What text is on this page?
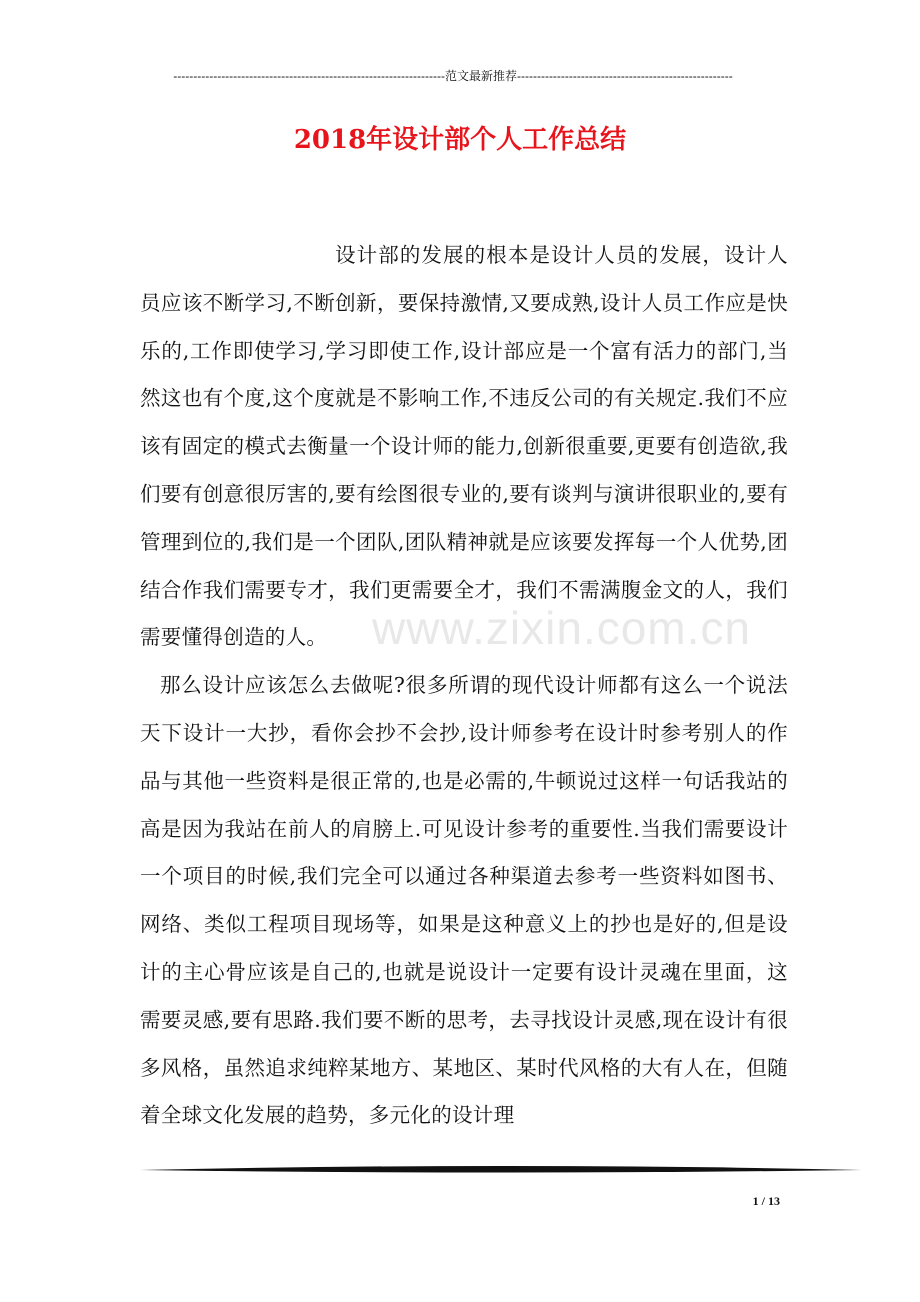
--------------------------------------------------------------------范文最新推荐------------------------------------------------------
2018年设计部个人工作总结

设计部的发展的根本是设计人员的发展，设计人员应该不断学习,不断创新，要保持激情,又要成熟,设计人员工作应是快乐的,工作即使学习,学习即使工作,设计部应是一个富有活力的部门,当然这也有个度,这个度就是不影响工作,不违反公司的有关规定.我们不应该有固定的模式去衡量一个设计师的能力,创新很重要,更要有创造欲,我们要有创意很厉害的,要有绘图很专业的,要有谈判与演讲很职业的,要有管理到位的,我们是一个团队,团队精神就是应该要发挥每一个人优势,团结合作我们需要专才，我们更需要全才，我们不需满腹金文的人，我们需要懂得创造的人。

那么设计应该怎么去做呢?很多所谓的现代设计师都有这么一个说法天下设计一大抄，看你会抄不会抄,设计师参考在设计时参考别人的作品与其他一些资料是很正常的,也是必需的,牛顿说过这样一句话我站的高是因为我站在前人的肩膀上.可见设计参考的重要性.当我们需要设计一个项目的时候,我们完全可以通过各种渠道去参考一些资料如图书、网络、类似工程项目现场等，如果是这种意义上的抄也是好的,但是设计的主心骨应该是自己的,也就是说设计一定要有设计灵魂在里面，这需要灵感,要有思路.我们要不断的思考，去寻找设计灵感,现在设计有很多风格，虽然追求纯粹某地方、某地区、某时代风格的大有人在，但随着全球文化发展的趋势，多元化的设计理

www.zixin.com.cn
1 / 13
